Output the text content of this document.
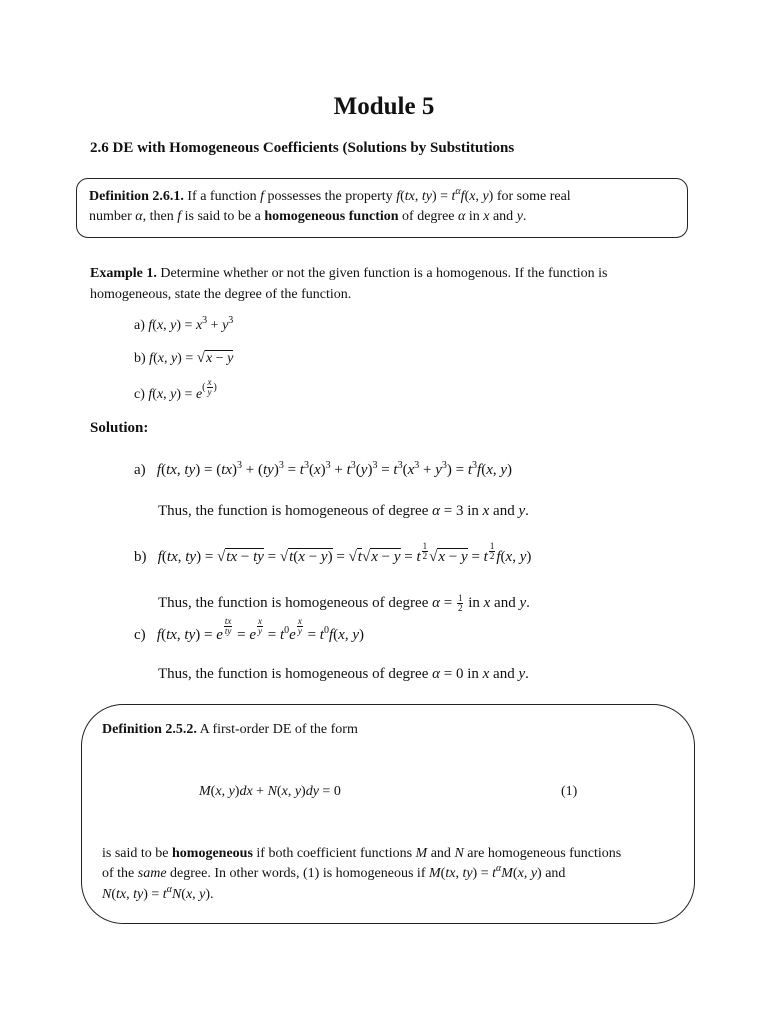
Module 5
2.6 DE with Homogeneous Coefficients (Solutions by Substitutions
Definition 2.6.1. If a function f possesses the property f(tx, $ty) = t^\alpha f(x$, y) for some real
number α, then f is said to be a homogeneous function of degree α in x and y.
Example 1. Determine whether or not the given function is a homogenous. If the function is
homogeneous, state the degree of the function.
a) f(x, $y) = x^3 + y^3$
b) f(x, y) = √x − y
c) f(x, $y) = e^{( \frac{x}{y} )}$
Solution:
a) f(tx, $ty) = (tx)^3 + (ty)^3 = t^3(x)^3 + t^3(y)^3 = t^3(x^3 + y^3) = t^3f(x$, y)
Thus, the function is homogeneous of degree α = 3 in x and y.
b) f(tx, ty) = √tx − ty = √t(x − y) = √t√x − y = t $\frac{1}{2} √x - y = t \frac{1}{2} f(x$, y)
Thus, the function is homogeneous of degree $\alpha = \frac{1}{2}$ in x and y.
c) f(tx, ty) = e $\frac{tx}{ty} = e \frac{x}{y} = t^0e \frac{x}{y} = t^0f(x$, y)
Thus, the function is homogeneous of degree α = 0 in x and y.
Definition 2.5.2. A first-order DE of the form
M(x, y)dx + N(x, y)dy = 0	(1)
is said to be homogeneous if both coefficient functions M and N are homogeneous functions
of the same degree. In other words, (1) is homogeneous if M(tx, $ty) = t^\alpha M(x$, y) and
N(tx, $ty) = t^\alpha N(x$, y).
